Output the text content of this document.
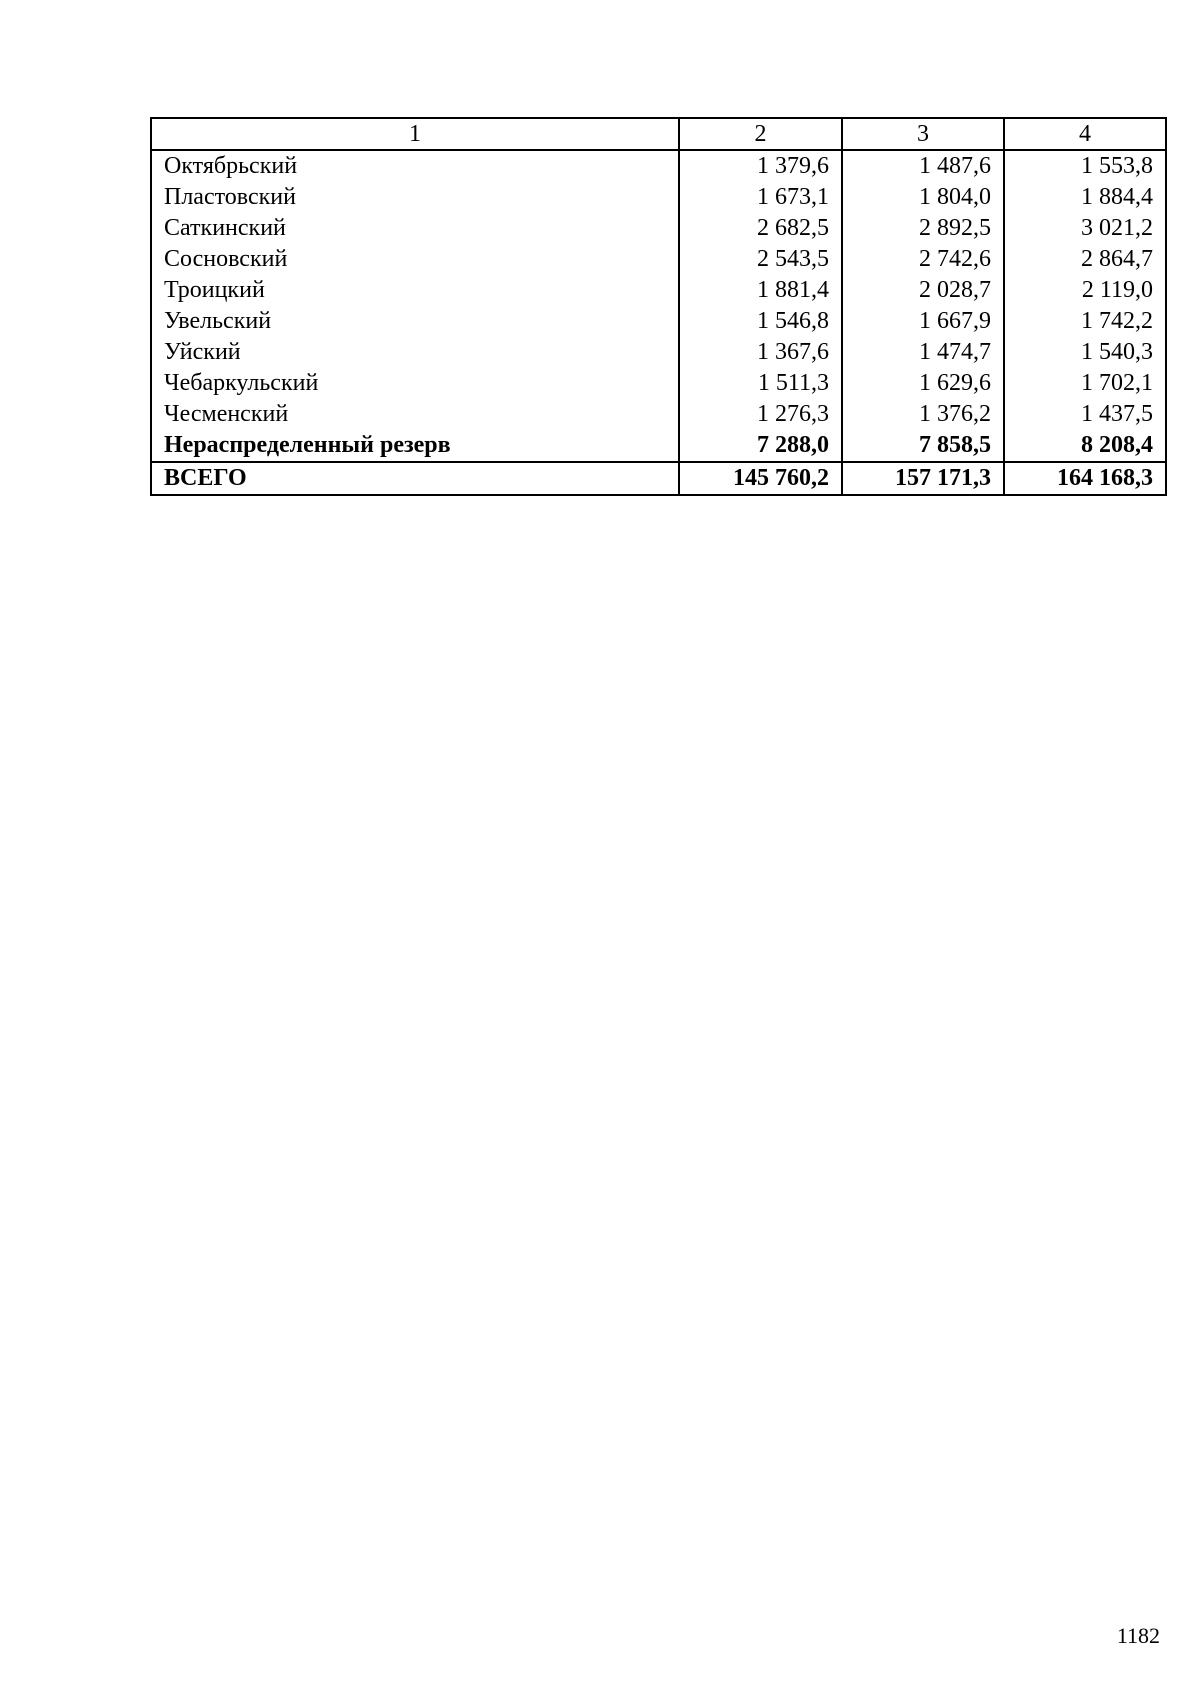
1	2	3	4
Октябрьский	1 379,6	1 487,6	1 553,8
Пластовский	1 673,1	1 804,0	1 884,4
Саткинский	2 682,5	2 892,5	3 021,2
Сосновский	2 543,5	2 742,6	2 864,7
Троицкий	1 881,4	2 028,7	2 119,0
Увельский	1 546,8	1 667,9	1 742,2
Уйский	1 367,6	1 474,7	1 540,3
Чебаркульский	1 511,3	1 629,6	1 702,1
Чесменский	1 276,3	1 376,2	1 437,5
Нераспределенный резерв	7 288,0	7 858,5	8 208,4
ВСЕГО	145 760,2	157 171,3	164 168,3
1182
